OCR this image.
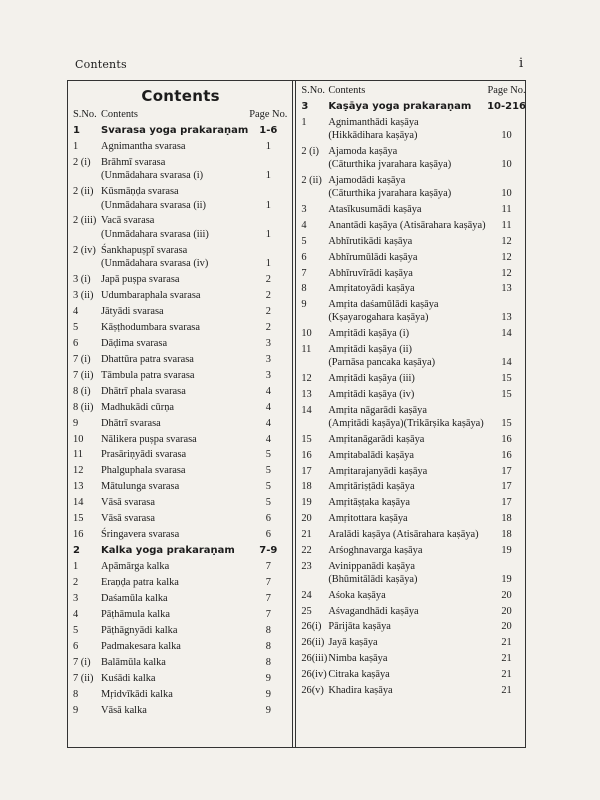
Contents	i
Contents
S.No. Contents	Page No.
1	Svarasa yoga prakaraṇam	1-6
1	Agnimantha svarasa	1
2 (i) Brāhmī svarasa
(Unmādahara svarasa (i)	1
2 (ii) Kūsmāṇḍa svarasa
(Unmādahara svarasa (ii)	1
2 (iii) Vacā svarasa
(Unmādahara svarasa (iii)	1
2 (iv) Śankhapuṣpī svarasa
(Unmādahara svarasa (iv)	1
3 (i) Japā puṣpa svarasa	2
3 (ii) Udumbaraphala svarasa	2
4	Jātyādi svarasa	2
5	Kāṣṭhodumbara svarasa	2
6	Dāḍima svarasa	3
7 (i) Dhattūra patra svarasa	3
7 (ii) Tāmbula patra svarasa	3
8 (i) Dhātrī phala svarasa	4
8 (ii) Madhukādi cūrṇa	4
9	Dhātrī svarasa	4
10	Nālikera puṣpa svarasa	4
11	Prasāriṇyādi svarasa	5
12	Phalguphala svarasa	5
13	Mātulunga svarasa	5
14	Vāsā svarasa	5
15	Vāsā svarasa	6
16	Śringavera svarasa	6
2	Kalka yoga prakaraṇam	7-9
1	Apāmārga kalka	7
2	Eraṇḍa patra kalka	7
3	Daśamūla kalka	7
4	Pāṭhāmula kalka	7
5	Pāṭhāgnyādi kalka	8
6	Padmakesara kalka	8
7 (i) Balāmūla kalka	8
7 (ii) Kuśādi kalka	9
8	Mṛidvīkādi kalka	9
9	Vāsā kalka	9
S.No. Contents	Page No.
3	Kaṣāya yoga prakaraṇam	10-216
1	Agnimanthādi kaṣāya
(Hikkādihara kaṣāya)	10
2 (i) Ajamoda kaṣāya
(Cāturthika jvarahara kaṣāya)	10
2 (ii) Ajamodādi kaṣāya
(Cāturthika jvarahara kaṣāya)	10
3	Atasīkusumādi kaṣāya	11
4	Anantādi kaṣāya (Atisārahara kaṣāya)	11
5	Abhīrutikādi kaṣāya	12
6	Abhīrumūlādi kaṣāya	12
7	Abhīruvīrādi kaṣāya	12
8	Amṛitatoyādi kaṣāya	13
9	Amṛita daśamūlādi kaṣāya
(Kṣayarogahara kaṣāya)	13
10	Amṛitādi kaṣāya (i)	14
11	Amṛitādi kaṣāya (ii)
(Parnāsa pancaka kaṣāya)	14
12	Amṛitādi kaṣāya (iii)	15
13	Amṛitādi kaṣāya (iv)	15
14	Amṛita nāgarādi kaṣāya
(Amṛitādi kaṣāya)(Trikārṣika kaṣāya)	15
15	Amṛitanāgarādi kaṣāya	16
16	Amṛitabalādi kaṣāya	16
17	Amṛitarajanyādi kaṣāya	17
18	Amṛitāriṣṭādi kaṣāya	17
19	Amṛitāṣṭaka kaṣāya	17
20	Amṛitottara kaṣāya	18
21	Aralādi kaṣāya (Atisārahara kaṣāya)	18
22	Arśoghnavarga kaṣāya	19
23	Avinippanādi kaṣāya
(Bhūmitālādi kaṣāya)	19
24	Aśoka kaṣāya	20
25	Aśvagandhādi kaṣāya	20
26(i) Pārijāta kaṣāya	20
26(ii) Jayā kaṣāya	21
26(iii) Nimba kaṣāya	21
26(iv) Citraka kaṣāya	21
26(v) Khadira kaṣāya	21
